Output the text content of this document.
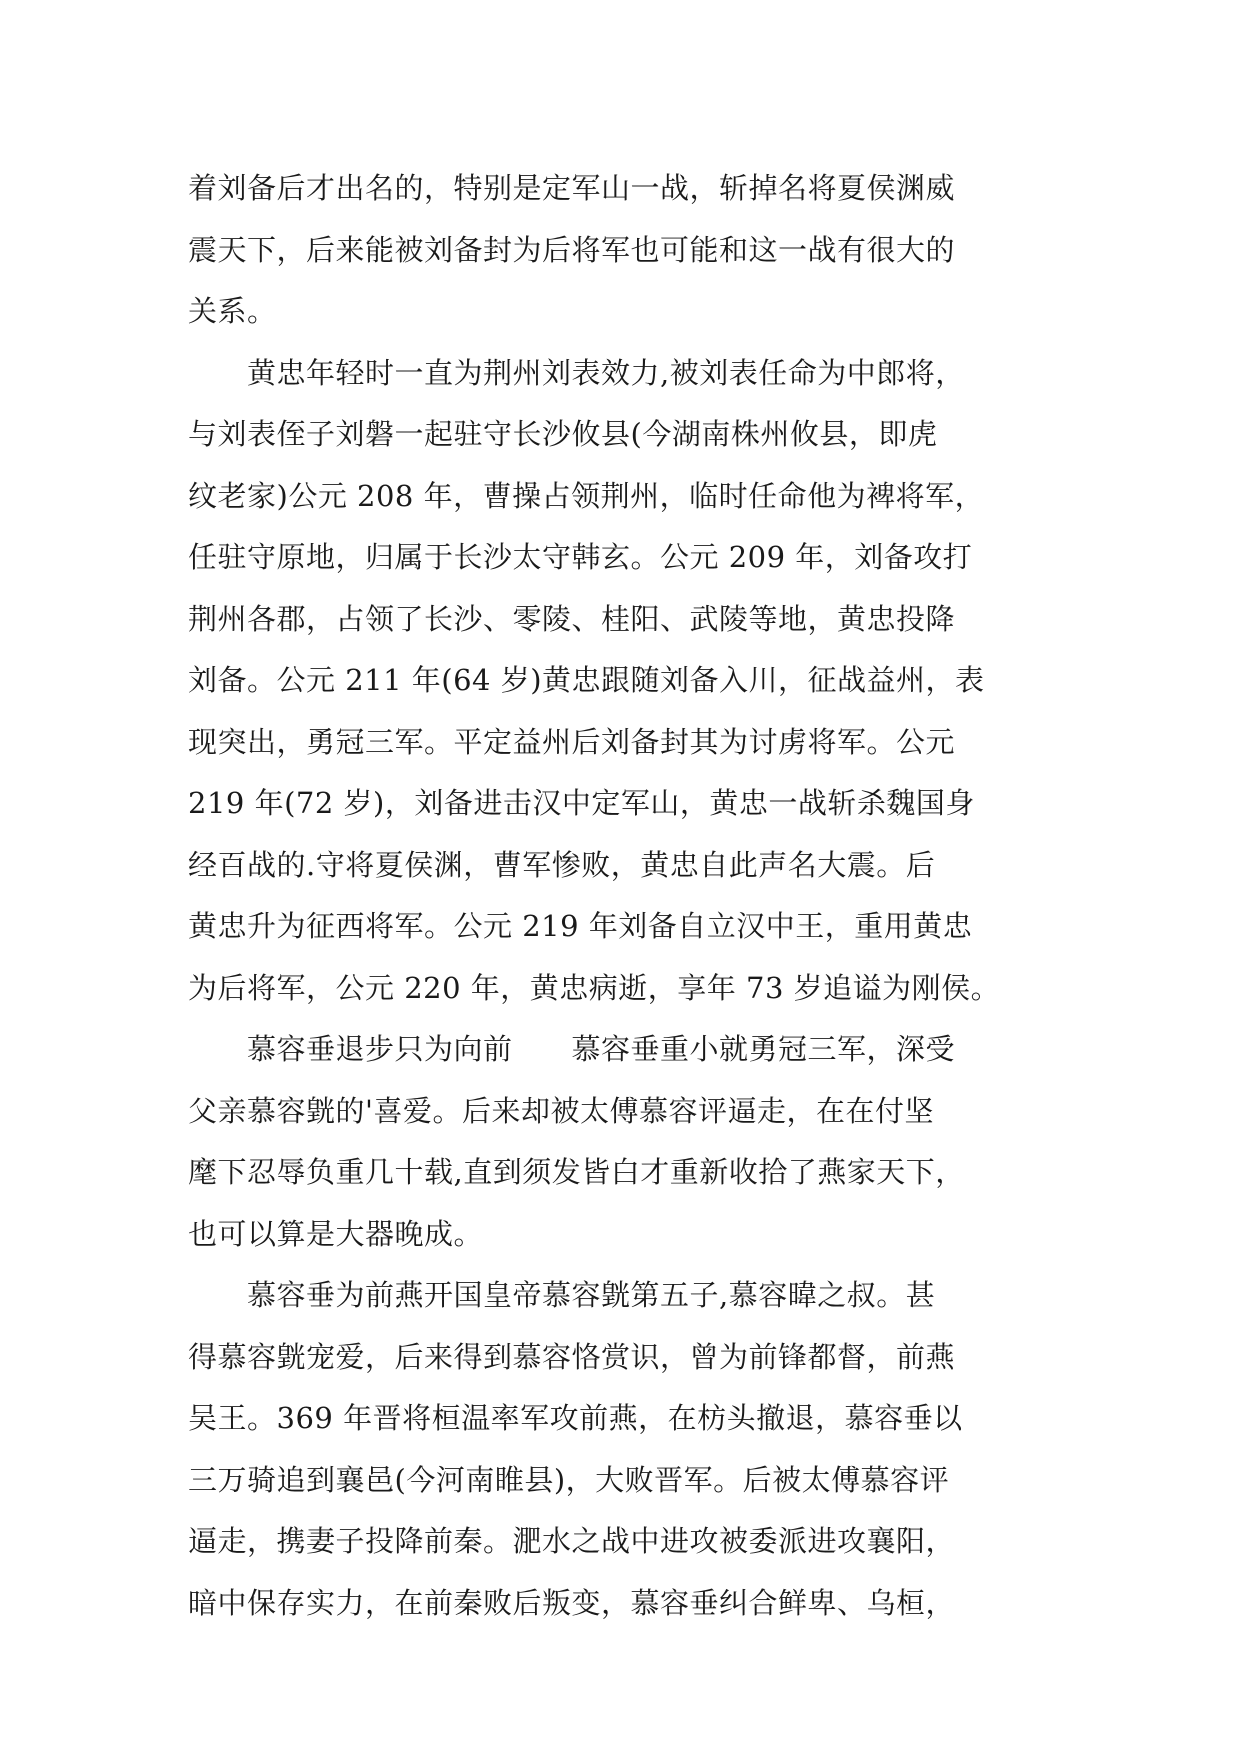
着刘备后才出名的，特别是定军山一战，斩掉名将夏侯渊威
震天下，后来能被刘备封为后将军也可能和这一战有很大的
关系。
　　黄忠年轻时一直为荆州刘表效力,被刘表任命为中郎将，
与刘表侄子刘磐一起驻守长沙攸县(今湖南株州攸县，即虎
纹老家)公元 208 年，曹操占领荆州，临时任命他为裨将军，
任驻守原地，归属于长沙太守韩玄。公元 209 年，刘备攻打
荆州各郡，占领了长沙、零陵、桂阳、武陵等地，黄忠投降
刘备。公元 211 年(64 岁)黄忠跟随刘备入川，征战益州，表
现突出，勇冠三军。平定益州后刘备封其为讨虏将军。公元
219 年(72 岁)，刘备进击汉中定军山，黄忠一战斩杀魏国身
经百战的.守将夏侯渊，曹军惨败，黄忠自此声名大震。后
黄忠升为征西将军。公元 219 年刘备自立汉中王，重用黄忠
为后将军，公元 220 年，黄忠病逝，享年 73 岁追谥为刚侯。
　　慕容垂退步只为向前　　慕容垂重小就勇冠三军，深受
父亲慕容皝的'喜爱。后来却被太傅慕容评逼走，在在付坚
麾下忍辱负重几十载,直到须发皆白才重新收拾了燕家天下，
也可以算是大器晚成。
　　慕容垂为前燕开国皇帝慕容皝第五子,慕容暐之叔。甚
得慕容皝宠爱，后来得到慕容恪赏识，曾为前锋都督，前燕
吴王。369 年晋将桓温率军攻前燕，在枋头撤退，慕容垂以
三万骑追到襄邑(今河南睢县)，大败晋军。后被太傅慕容评
逼走，携妻子投降前秦。淝水之战中进攻被委派进攻襄阳，
暗中保存实力，在前秦败后叛变，慕容垂纠合鲜卑、乌桓，
